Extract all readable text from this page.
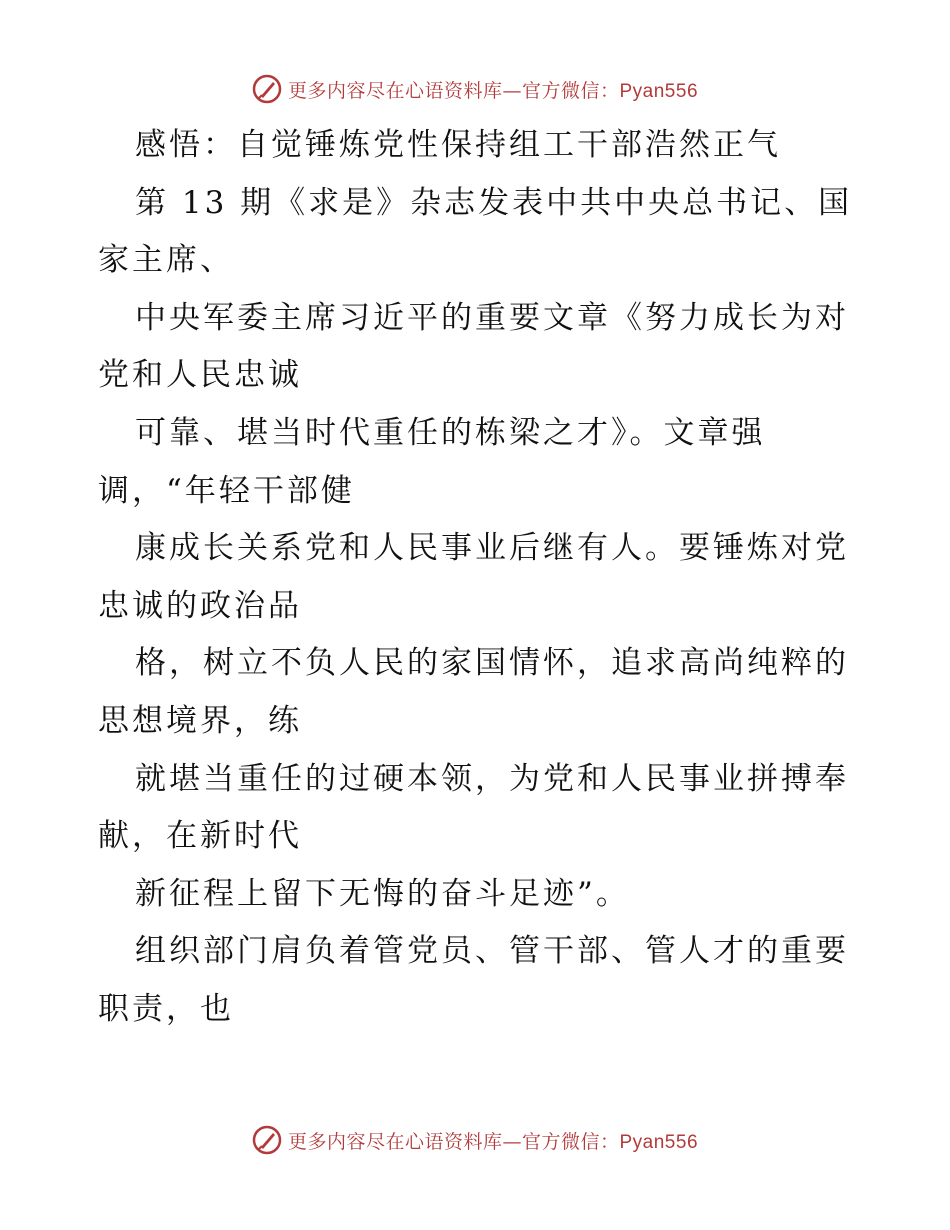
更多内容尽在心语资料库—官方微信：Pyan556
感悟：自觉锤炼党性保持组工干部浩然正气
第 13 期《求是》杂志发表中共中央总书记、国
家主席、
中央军委主席习近平的重要文章《努力成长为对
党和人民忠诚
可靠、堪当时代重任的栋梁之才》。文章强
调，“年轻干部健
康成长关系党和人民事业后继有人。要锤炼对党
忠诚的政治品
格，树立不负人民的家国情怀，追求高尚纯粹的
思想境界，练
就堪当重任的过硬本领，为党和人民事业拼搏奉
献，在新时代
新征程上留下无悔的奋斗足迹”。
组织部门肩负着管党员、管干部、管人才的重要
职责，也
更多内容尽在心语资料库—官方微信：Pyan556
